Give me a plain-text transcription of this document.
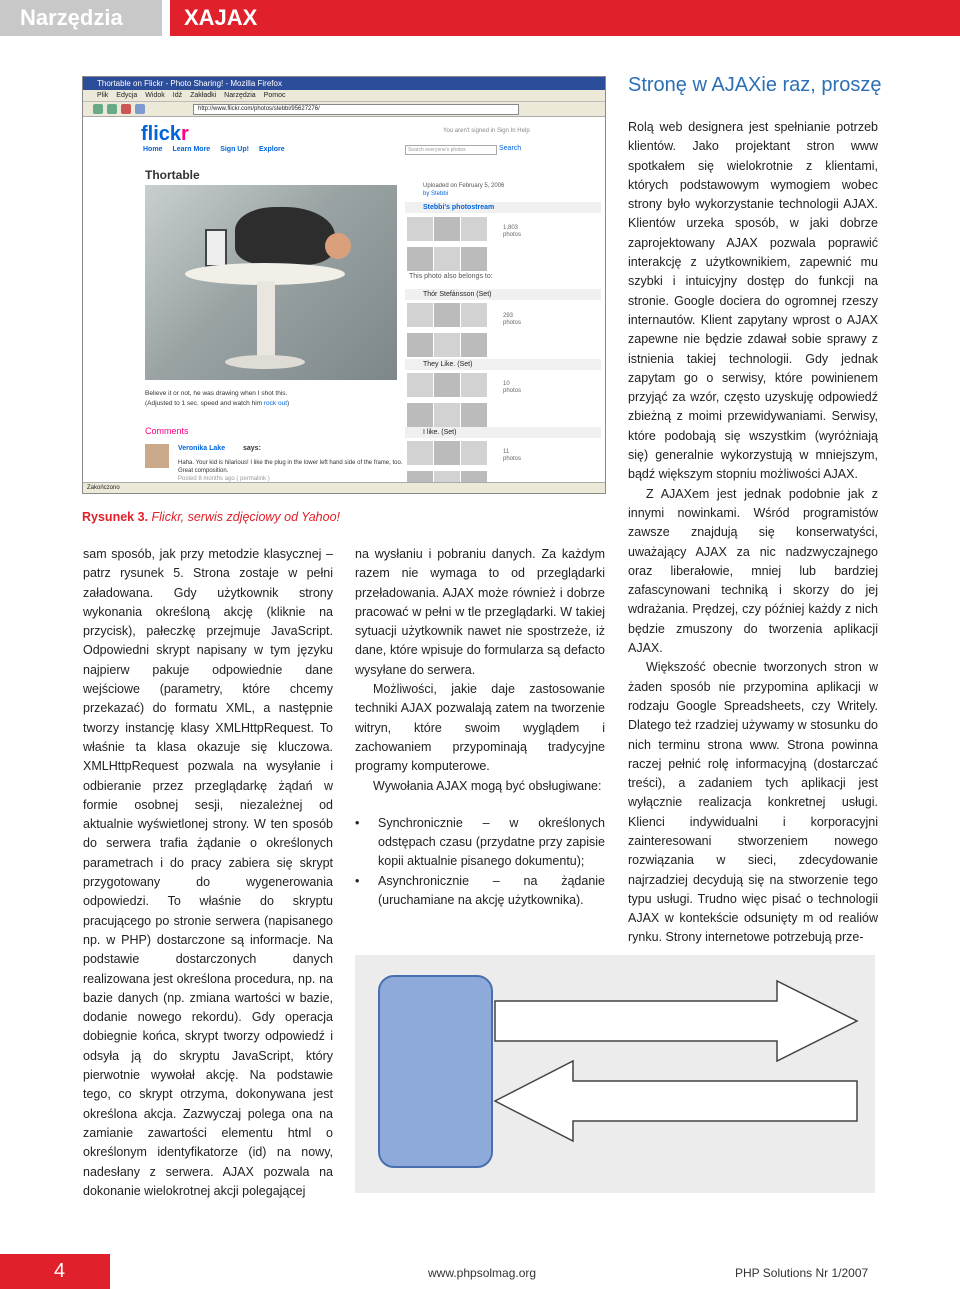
Narzędzia	XAJAX
Thortable on Flickr - Photo Sharing! - Mozilla Firefox
Plik Edycja Widok Idź Zakładki Narzędzia Pomoc
http://www.flickr.com/photos/stebbi/95627276/
flickr	You aren't signed in Sign In Help
Home Learn More Sign Up! Explore	Search everyone's photos	Search
Thortable
Believe it or not, he was drawing when I shot this.
(Adjusted to 1 sec. speed and watch him rock out)
Comments
Veronika Lake	says:
Haha. Your kid is hilarious! I like the plug in the lower left hand side of the frame, too. Great composition.
Posted 8 months ago ( permalink )
Uploaded on February 5, 2006
by Stebbi
Stebbi's photostream
1,803
photos
This photo also belongs to:
Thór Stefánsson (Set)
293
photos
They Like. (Set)
10
photos
I like. (Set)
11
photos
Zakończono
Rysunek 3. Flickr, serwis zdjęciowy od Yahoo!

sam sposób, jak przy metodzie klasycznej – patrz rysunek 5. Strona zostaje w pełni załadowana. Gdy użytkownik strony wykonania określoną akcję (kliknie na przycisk), pałeczkę przejmuje JavaScript. Odpowiedni skrypt napisany w tym języku najpierw pakuje odpowiednie dane wejściowe (parametry, które chcemy przekazać) do formatu XML, a następnie tworzy instancję klasy XMLHttpRequest. To właśnie ta klasa okazuje się kluczowa. XMLHttpRequest pozwala na wysyłanie i odbieranie przez przeglądarkę żądań w formie osobnej sesji, niezależnej od aktualnie wyświetlonej strony. W ten sposób do serwera trafia żądanie o określonych parametrach i do pracy zabiera się skrypt przygotowany do wygenerowania odpowiedzi. To właśnie do skryptu pracującego po stronie serwera (napisanego np. w PHP) dostarczone są informacje. Na podstawie dostarczonych danych realizowana jest określona procedura, np. na bazie danych (np. zmiana wartości w bazie, dodanie nowego rekordu). Gdy operacja dobiegnie końca, skrypt tworzy odpowiedź i odsyła ją do skryptu JavaScript, który pierwotnie wywołał akcję. Na podstawie tego, co skrypt otrzyma, dokonywana jest określona akcja. Zazwyczaj polega ona na zamianie zawartości elementu html o określonym identyfikatorze (id) na nowy, nadesłany z serwera. AJAX pozwala na dokonanie wielokrotnej akcji polegającej

na wysłaniu i pobraniu danych. Za każdym razem nie wymaga to od przeglądarki przeładowania. AJAX może również i dobrze pracować w pełni w tle przeglądarki. W takiej sytuacji użytkownik nawet nie spostrzeże, iż dane, które wpisuje do formularza są defacto wysyłane do serwera.

Możliwości, jakie daje zastosowanie techniki AJAX pozwalają zatem na tworzenie witryn, które swoim wyglądem i zachowaniem przypominają tradycyjne programy komputerowe.

Wywołania AJAX mogą być obsługiwane:

• Synchronicznie – w określonych odstępach czasu (przydatne przy zapisie kopii aktualnie pisanego dokumentu);
• Asynchronicznie – na żądanie (uruchamiane na akcję użytkownika).
Stronę w AJAXie raz, proszę

Rolą web designera jest spełnianie potrzeb klientów. Jako projektant stron www spotkałem się wielokrotnie z klientami, których podstawowym wymogiem wobec strony było wykorzystanie technologii AJAX. Klientów urzeka sposób, w jaki dobrze zaprojektowany AJAX pozwala poprawić interakcję z użytkownikiem, zapewnić mu szybki i intuicyjny dostęp do funkcji na stronie. Google dociera do ogromnej rzeszy internautów. Klient zapytany wprost o AJAX zapewne nie będzie zdawał sobie sprawy z istnienia takiej technologii. Gdy jednak zapytam go o serwisy, które powinienem przyjąć za wzór, często uzyskuję odpowiedź zbieżną z moimi przewidywaniami. Serwisy, które podobają się wszystkim (wyróżniają się) generalnie wykorzystują w mniejszym, bądź większym stopniu możliwości AJAX.

Z AJAXem jest jednak podobnie jak z innymi nowinkami. Wśród programistów zawsze znajdują się konserwatyści, uważający AJAX za nic nadzwyczajnego oraz liberałowie, mniej lub bardziej zafascynowani techniką i skorzy do jej wdrażania. Prędzej, czy później każdy z nich będzie zmuszony do tworzenia aplikacji AJAX.

Większość obecnie tworzonych stron w żaden sposób nie przypomina aplikacji w rodzaju Google Spreadsheets, czy Writely. Dlatego też rzadziej używamy w stosunku do nich terminu strona www. Strona powinna raczej pełnić rolę informacyjną (dostarczać treści), a zadaniem tych aplikacji jest wyłącznie realizacja konkretnej usługi. Klienci indywidualni i korporacyjni zainteresowani stworzeniem nowego rozwiązania w sieci, zdecydowanie najrzadziej decydują się na stworzenie tego typu usługi. Trudno więc pisać o technologii AJAX w kontekście odsunięty m od realiów rynku. Strony internetowe potrzebują prze-

4	www.phpsolmag.org	PHP Solutions Nr 1/2007
